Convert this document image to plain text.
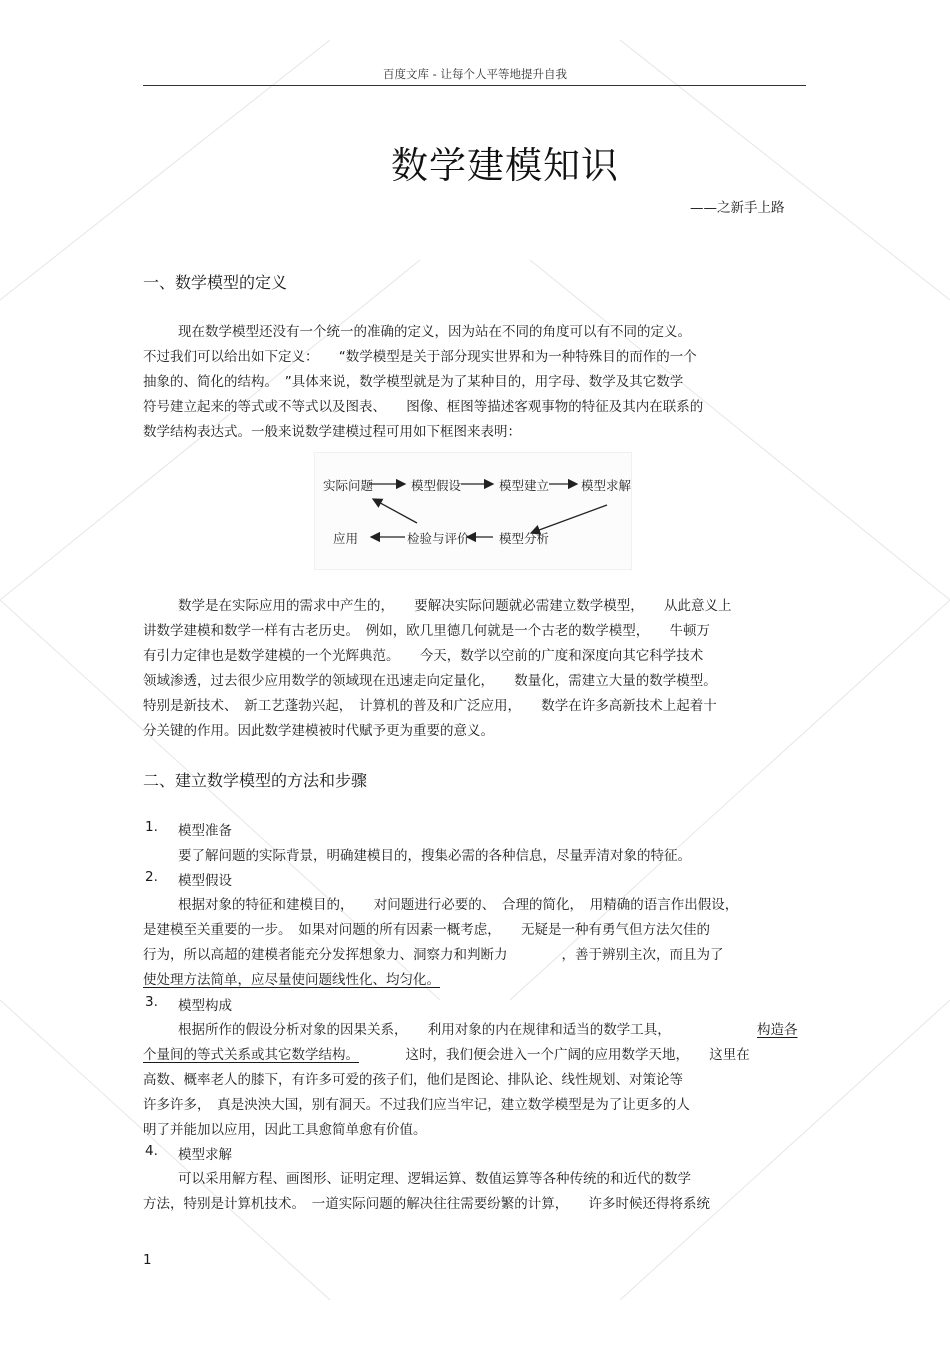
百度文库 - 让每个人平等地提升自我
数学建模知识
——之新手上路
一、数学模型的定义
现在数学模型还没有一个统一的准确的定义，因为站在不同的角度可以有不同的定义。
不过我们可以给出如下定义：　　“数学模型是关于部分现实世界和为一种特殊目的而作的一个
抽象的、简化的结构。　”具体来说，数学模型就是为了某种目的，用字母、数学及其它数学
符号建立起来的等式或不等式以及图表、　　图像、框图等描述客观事物的特征及其内在联系的
数学结构表达式。一般来说数学建模过程可用如下框图来表明：
实际问题	模型假设	模型建立	模型求解
模型分析
检验与评价
应用
数学是在实际应用的需求中产生的，　　要解决实际问题就必需建立数学模型，　　从此意义上
讲数学建模和数学一样有古老历史。　例如，欧几里德几何就是一个古老的数学模型，　　牛顿万
有引力定律也是数学建模的一个光辉典范。　　今天，数学以空前的广度和深度向其它科学技术
领域渗透，过去很少应用数学的领域现在迅速走向定量化，　　数量化，需建立大量的数学模型。
特别是新技术、　新工艺蓬勃兴起，　计算机的普及和广泛应用，　　数学在许多高新技术上起着十
分关键的作用。因此数学建模被时代赋予更为重要的意义。
二、建立数学模型的方法和步骤
1. 模型准备
要了解问题的实际背景，明确建模目的，搜集必需的各种信息，尽量弄清对象的特征。
2. 模型假设
根据对象的特征和建模目的，　　对问题进行必要的、　合理的简化，　用精确的语言作出假设，
是建模至关重要的一步。　如果对问题的所有因素一概考虑，　　无疑是一种有勇气但方法欠佳的
行为，所以高超的建模者能充分发挥想象力、洞察力和判断力　　　　，善于辨别主次，而且为了
使处理方法简单，应尽量使问题线性化、均匀化。
3. 模型构成
根据所作的假设分析对象的因果关系，　　利用对象的内在规律和适当的数学工具，　　	构造各
个量间的等式关系或其它数学结构。 　这时，我们便会进入一个广阔的应用数学天地，　　这里在
高数、概率老人的膝下，有许多可爱的孩子们，他们是图论、排队论、线性规划、对策论等
许多许多，　真是泱泱大国，别有洞天。不过我们应当牢记，建立数学模型是为了让更多的人
明了并能加以应用，因此工具愈简单愈有价值。
4. 模型求解
可以采用解方程、画图形、证明定理、逻辑运算、数值运算等各种传统的和近代的数学
方法，特别是计算机技术。　一道实际问题的解决往往需要纷繁的计算，　　许多时候还得将系统
1
